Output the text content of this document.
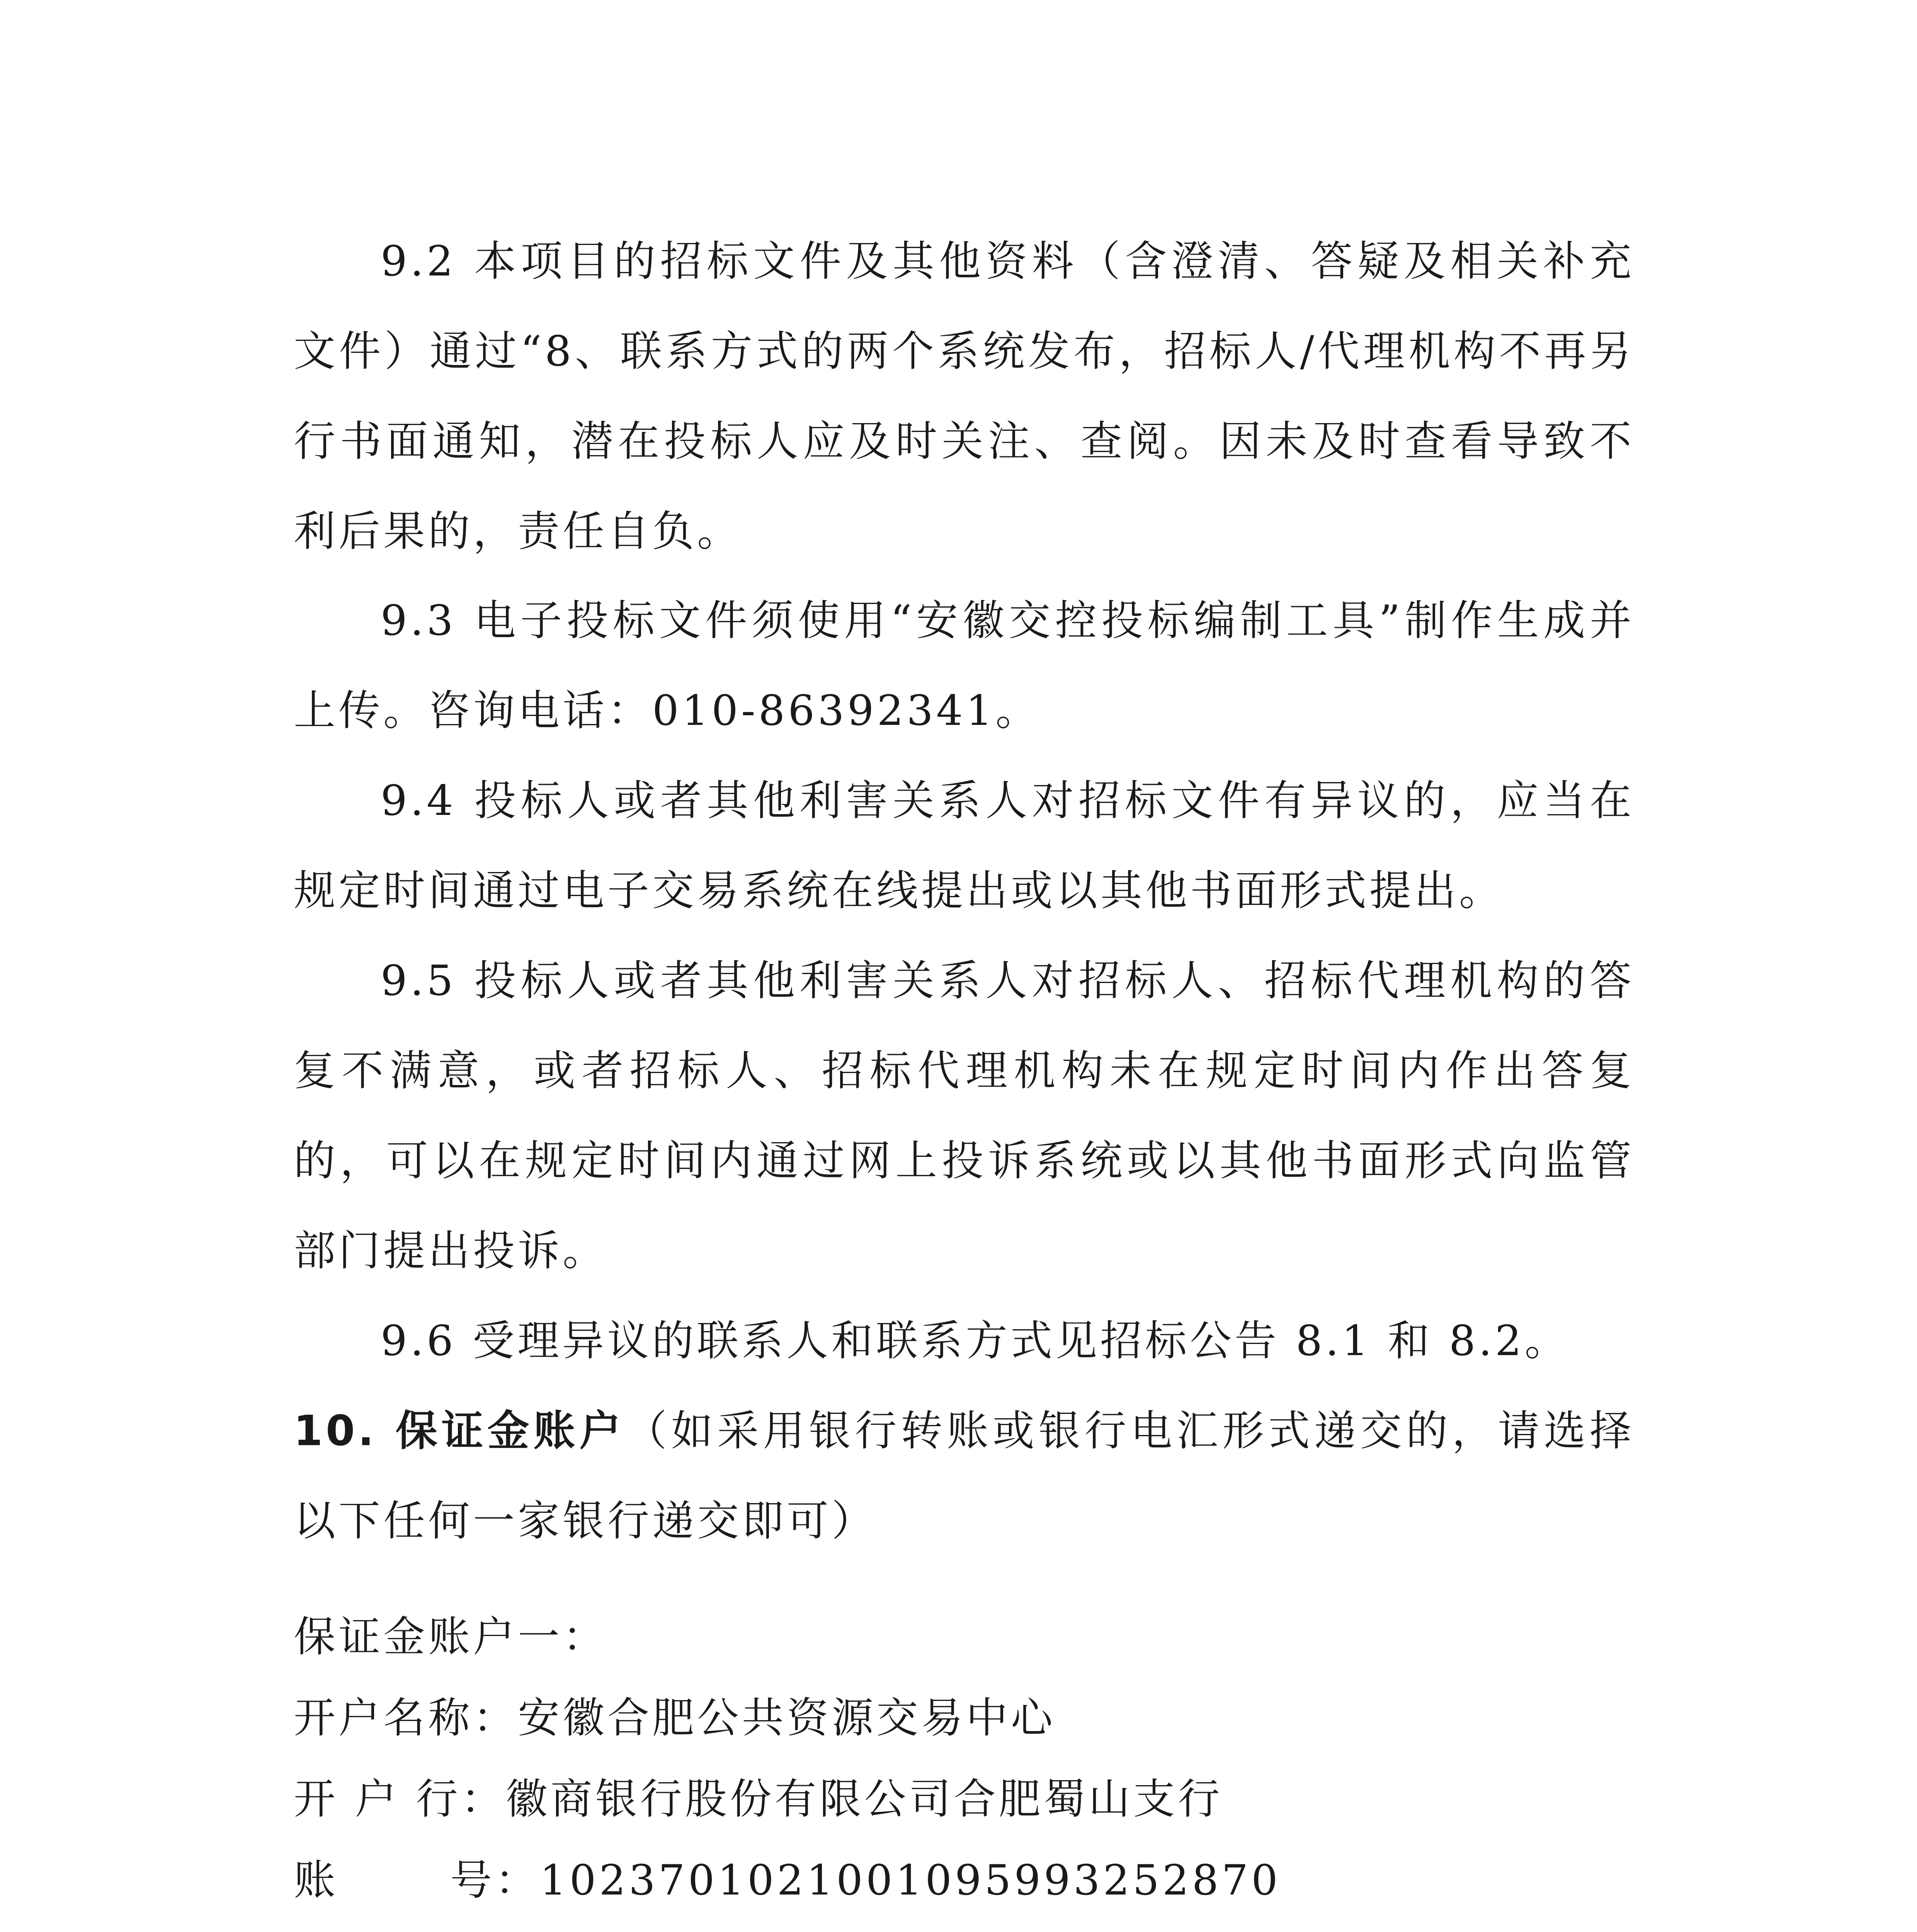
9.2 本项目的招标文件及其他资料（含澄清、答疑及相关补充文件）通过“8、联系方式的两个系统发布，招标人/代理机构不再另行书面通知，潜在投标人应及时关注、查阅。因未及时查看导致不利后果的，责任自负。

9.3 电子投标文件须使用“安徽交控投标编制工具”制作生成并上传。咨询电话：010-86392341。

9.4 投标人或者其他利害关系人对招标文件有异议的，应当在规定时间通过电子交易系统在线提出或以其他书面形式提出。

9.5 投标人或者其他利害关系人对招标人、招标代理机构的答复不满意，或者招标人、招标代理机构未在规定时间内作出答复的，可以在规定时间内通过网上投诉系统或以其他书面形式向监管部门提出投诉。

9.6 受理异议的联系人和联系方式见招标公告 8.1 和 8.2。

10. 保证金账户（如采用银行转账或银行电汇形式递交的，请选择以下任何一家银行递交即可）

保证金账户一：

开户名称：安徽合肥公共资源交易中心

开 户 行：徽商银行股份有限公司合肥蜀山支行

账	号：1023701021001095993252870
